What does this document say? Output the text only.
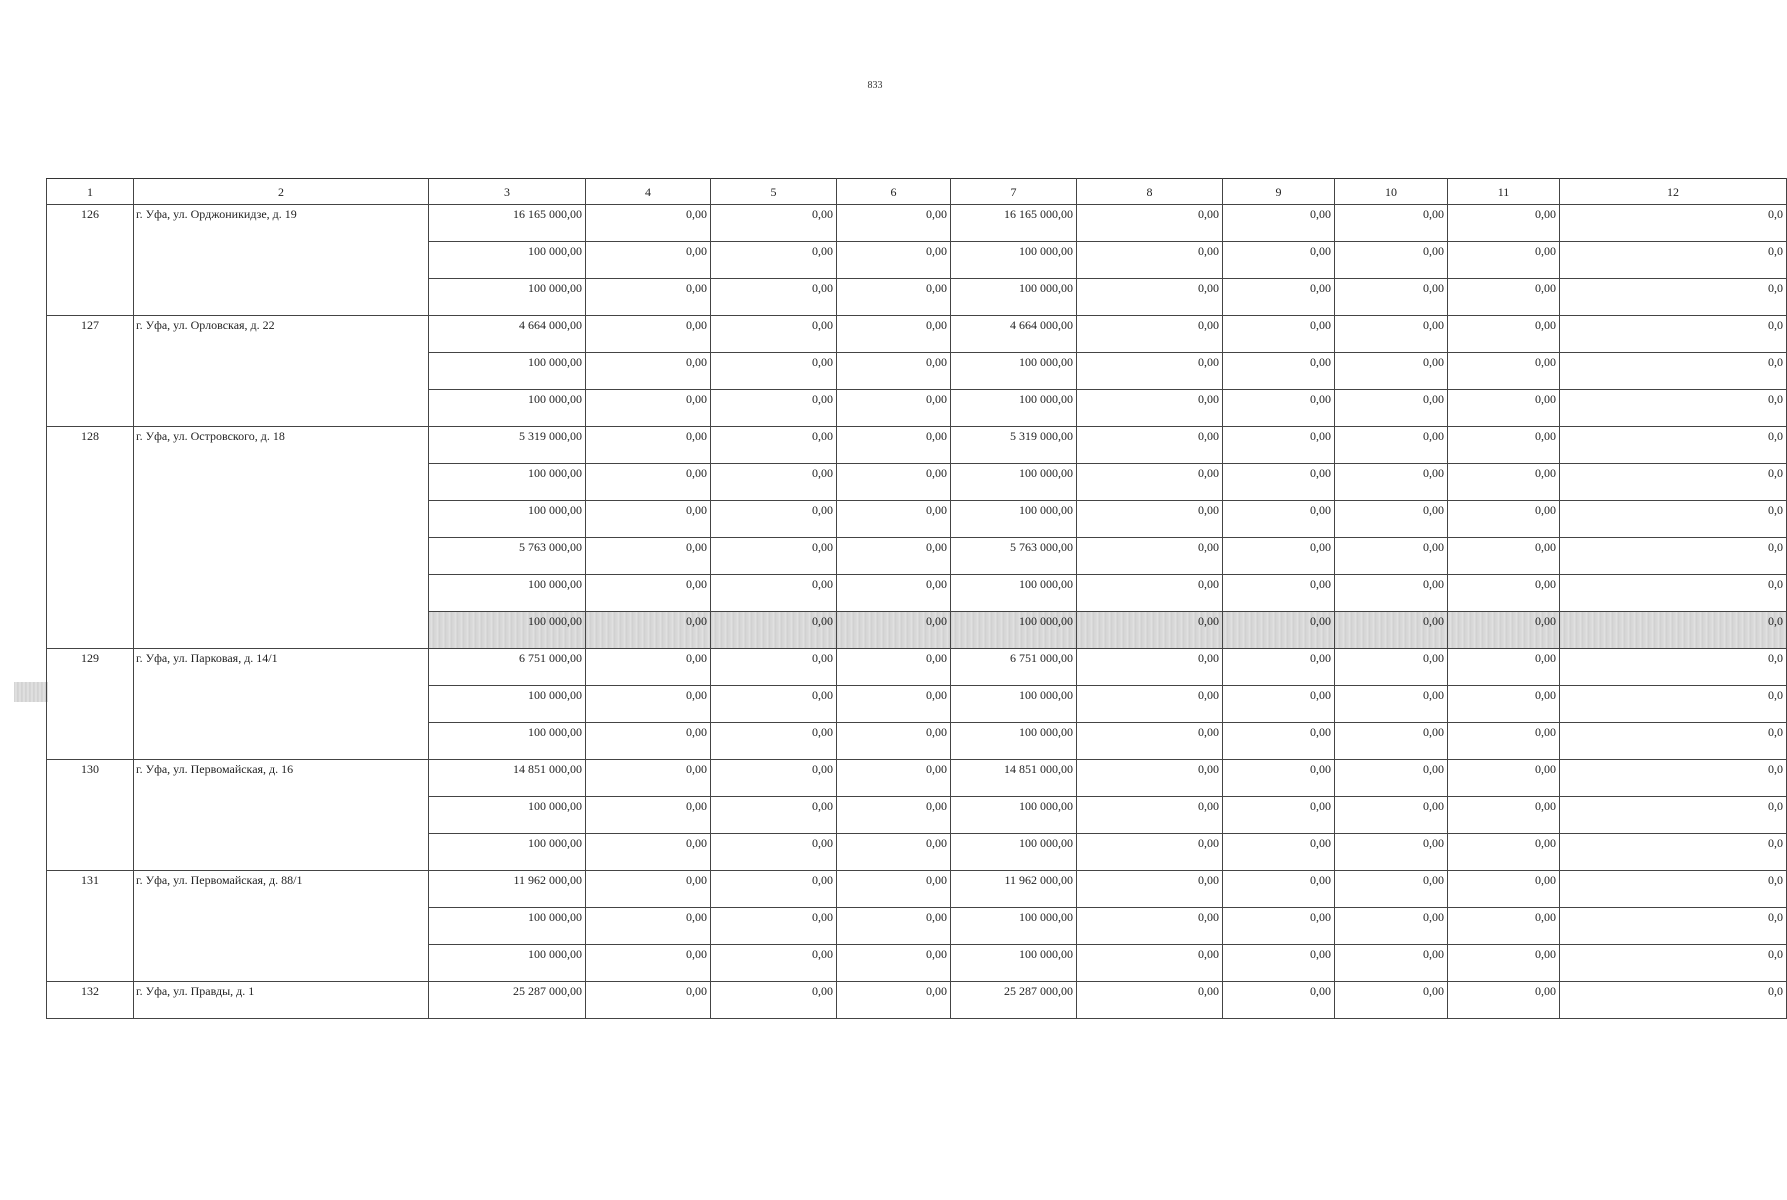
833
1	2	3	4	5	6	7	8	9	10	11	12
126	г. Уфа, ул. Орджоникидзе, д. 19	16 165 000,00	0,00	0,00	0,00	16 165 000,00	0,00	0,00	0,00	0,00	0,0
		100 000,00	0,00	0,00	0,00	100 000,00	0,00	0,00	0,00	0,00	0,0
		100 000,00	0,00	0,00	0,00	100 000,00	0,00	0,00	0,00	0,00	0,0
127	г. Уфа, ул. Орловская, д. 22	4 664 000,00	0,00	0,00	0,00	4 664 000,00	0,00	0,00	0,00	0,00	0,0
		100 000,00	0,00	0,00	0,00	100 000,00	0,00	0,00	0,00	0,00	0,0
		100 000,00	0,00	0,00	0,00	100 000,00	0,00	0,00	0,00	0,00	0,0
128	г. Уфа, ул. Островского, д. 18	5 319 000,00	0,00	0,00	0,00	5 319 000,00	0,00	0,00	0,00	0,00	0,0
		100 000,00	0,00	0,00	0,00	100 000,00	0,00	0,00	0,00	0,00	0,0
		100 000,00	0,00	0,00	0,00	100 000,00	0,00	0,00	0,00	0,00	0,0
		5 763 000,00	0,00	0,00	0,00	5 763 000,00	0,00	0,00	0,00	0,00	0,0
		100 000,00	0,00	0,00	0,00	100 000,00	0,00	0,00	0,00	0,00	0,0
		100 000,00	0,00	0,00	0,00	100 000,00	0,00	0,00	0,00	0,00	0,0
129	г. Уфа, ул. Парковая, д. 14/1	6 751 000,00	0,00	0,00	0,00	6 751 000,00	0,00	0,00	0,00	0,00	0,0
		100 000,00	0,00	0,00	0,00	100 000,00	0,00	0,00	0,00	0,00	0,0
		100 000,00	0,00	0,00	0,00	100 000,00	0,00	0,00	0,00	0,00	0,0
130	г. Уфа, ул. Первомайская, д. 16	14 851 000,00	0,00	0,00	0,00	14 851 000,00	0,00	0,00	0,00	0,00	0,0
		100 000,00	0,00	0,00	0,00	100 000,00	0,00	0,00	0,00	0,00	0,0
		100 000,00	0,00	0,00	0,00	100 000,00	0,00	0,00	0,00	0,00	0,0
131	г. Уфа, ул. Первомайская, д. 88/1	11 962 000,00	0,00	0,00	0,00	11 962 000,00	0,00	0,00	0,00	0,00	0,0
		100 000,00	0,00	0,00	0,00	100 000,00	0,00	0,00	0,00	0,00	0,0
		100 000,00	0,00	0,00	0,00	100 000,00	0,00	0,00	0,00	0,00	0,0
132	г. Уфа, ул. Правды, д. 1	25 287 000,00	0,00	0,00	0,00	25 287 000,00	0,00	0,00	0,00	0,00	0,0
